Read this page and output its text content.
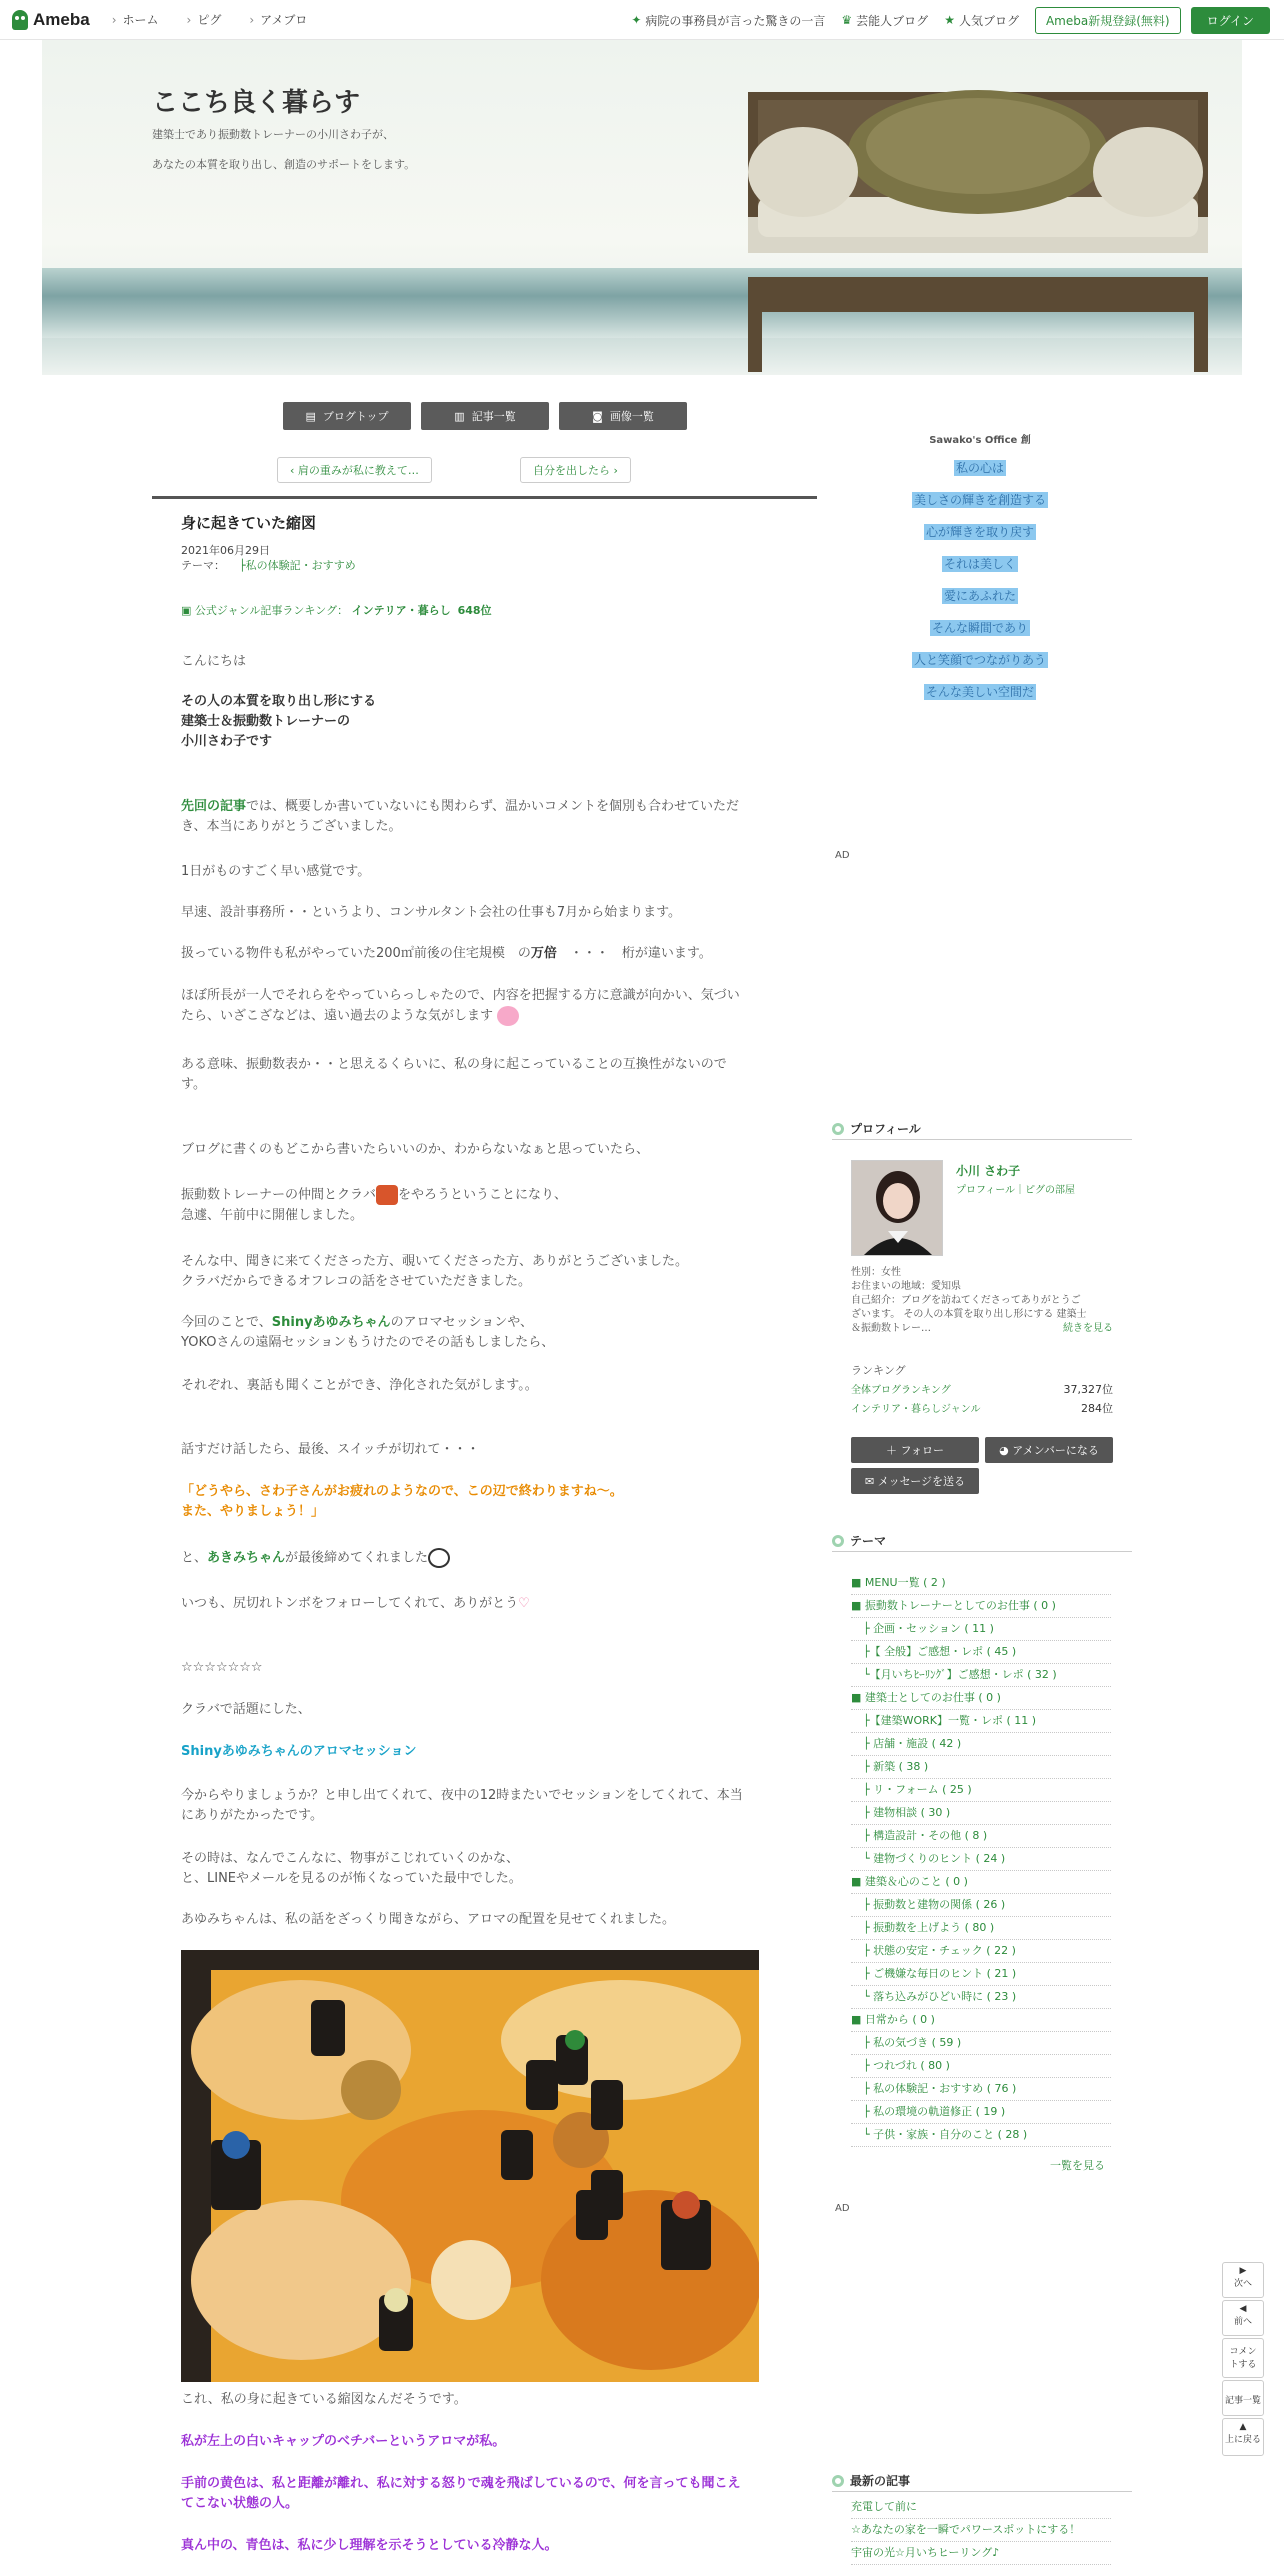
Ameba	› ホーム	› ピグ	› アメブロ	✦ 病院の事務員が言った驚きの一言 ♛ 芸能人ブログ ★ 人気ブログ	Ameba新規登録(無料)	ログイン
ここち良く暮らす
建築士であり振動数トレーナーの小川さわ子が、
あなたの本質を取り出し、創造のサポートをします。
▤ ブログトップ	▥ 記事一覧	◙ 画像一覧
‹
肩の重みが私に教えて…	自分を出したら
›
身に起きていた縮図
2021年06月29日
テーマ： ├私の体験記・おすすめ
▣ 公式ジャンル記事ランキング： インテリア・暮らし 648位
こんにちは
その人の本質を取り出し形にする
建築士＆振動数トレーナーの
小川さわ子です
先回の記事では、概要しか書いていないにも関わらず、温かいコメントを個別も合わせていただ
き、本当にありがとうございました。
1日がものすごく早い感覚です。
早速、設計事務所・・というより、コンサルタント会社の仕事も7月から始まります。
扱っている物件も私がやっていた200㎡前後の住宅規模　の万倍　・・・　桁が違います。
ほぼ所長が一人でそれらをやっていらっしゃたので、内容を把握する方に意識が向かい、気づい
たら、いざこざなどは、遠い過去のような気がします
ある意味、振動数表か・・と思えるくらいに、私の身に起こっていることの互換性がないので
す。
ブログに書くのもどこから書いたらいいのか、わからないなぁと思っていたら、
振動数トレーナーの仲間とクラバ をやろうということになり、
急遽、午前中に開催しました。
そんな中、聞きに来てくださった方、覗いてくださった方、ありがとうございました。
クラバだからできるオフレコの話をさせていただきました。
今回のことで、Shinyあゆみちゃんのアロマセッションや、
YOKOさんの遠隔セッションもうけたのでその話もしましたら、
それぞれ、裏話も聞くことができ、浄化された気がします。。
話すだけ話したら、最後、スイッチが切れて・・・
「どうやら、さわ子さんがお疲れのようなので、この辺で終わりますね～。
また、やりましょう！」
と、あきみちゃんが最後締めてくれました
いつも、尻切れトンボをフォローしてくれて、ありがとう♡
☆☆☆☆☆☆☆
クラバで話題にした、
Shinyあゆみちゃんのアロマセッション
今からやりましょうか？と申し出てくれて、夜中の12時またいでセッションをしてくれて、本当
にありがたかったです。
その時は、なんでこんなに、物事がこじれていくのかな、
と、LINEやメールを見るのが怖くなっていた最中でした。
あゆみちゃんは、私の話をざっくり聞きながら、アロマの配置を見せてくれました。
これ、私の身に起きている縮図なんだそうです。
私が左上の白いキャップのベチバーというアロマが私。
手前の黄色は、私と距離が離れ、私に対する怒りで魂を飛ばしているので、何を言っても聞こえ
てこない状態の人。
真ん中の、青色は、私に少し理解を示そうとしている冷静な人。
Sawako's Office 創
私の心は
美しさの輝きを創造する
心が輝きを取り戻す
それは美しく
愛にあふれた
そんな瞬間であり
人と笑顔でつながりあう
そんな美しい空間だ
AD
プロフィール
小川 さわ子
プロフィール｜ピグの部屋
性別：女性
お住まいの地域：愛知県
自己紹介：ブログを訪ねてくださってありがとうご
ざいます。 その人の本質を取り出し形にする 建築士
＆振動数トレー…	続きを見る
ランキング
全体ブログランキング	37,327位
インテリア・暮らしジャンル	284位
＋
フォロー	◕
アメンバーになる
✉
メッセージを送る
テーマ
■ MENU一覧 ( 2 )
■ 振動数トレーナーとしてのお仕事 ( 0 )
├ 企画・セッション ( 11 )
├【 全般】ご感想・レポ ( 45 )
└【月いちﾋｰﾘﾝｸﾞ】ご感想・レポ ( 32 )
■ 建築士としてのお仕事 ( 0 )
├【建築WORK】一覧・レポ ( 11 )
├ 店舗・施設 ( 42 )
├ 新築 ( 38 )
├ リ・フォーム ( 25 )
├ 建物相談 ( 30 )
├ 構造設計・その他 ( 8 )
└ 建物づくりのヒント ( 24 )
■ 建築＆心のこと ( 0 )
├ 振動数と建物の関係 ( 26 )
├ 振動数を上げよう ( 80 )
├ 状態の安定・チェック ( 22 )
├ ご機嫌な毎日のヒント ( 21 )
└ 落ち込みがひどい時に ( 23 )
■ 日常から ( 0 )
├ 私の気づき ( 59 )
├ つれづれ ( 80 )
├ 私の体験記・おすすめ ( 76 )
├ 私の環境の軌道修正 ( 19 )
└ 子供・家族・自分のこと ( 28 )
一覧を見る
AD
最新の記事
充電して前に
☆あなたの家を一瞬でパワースポットにする！
宇宙の光☆月いちヒーリング♪
▶
次へ
◀
前へ
コメントする
記事一覧
▲
上に戻る
